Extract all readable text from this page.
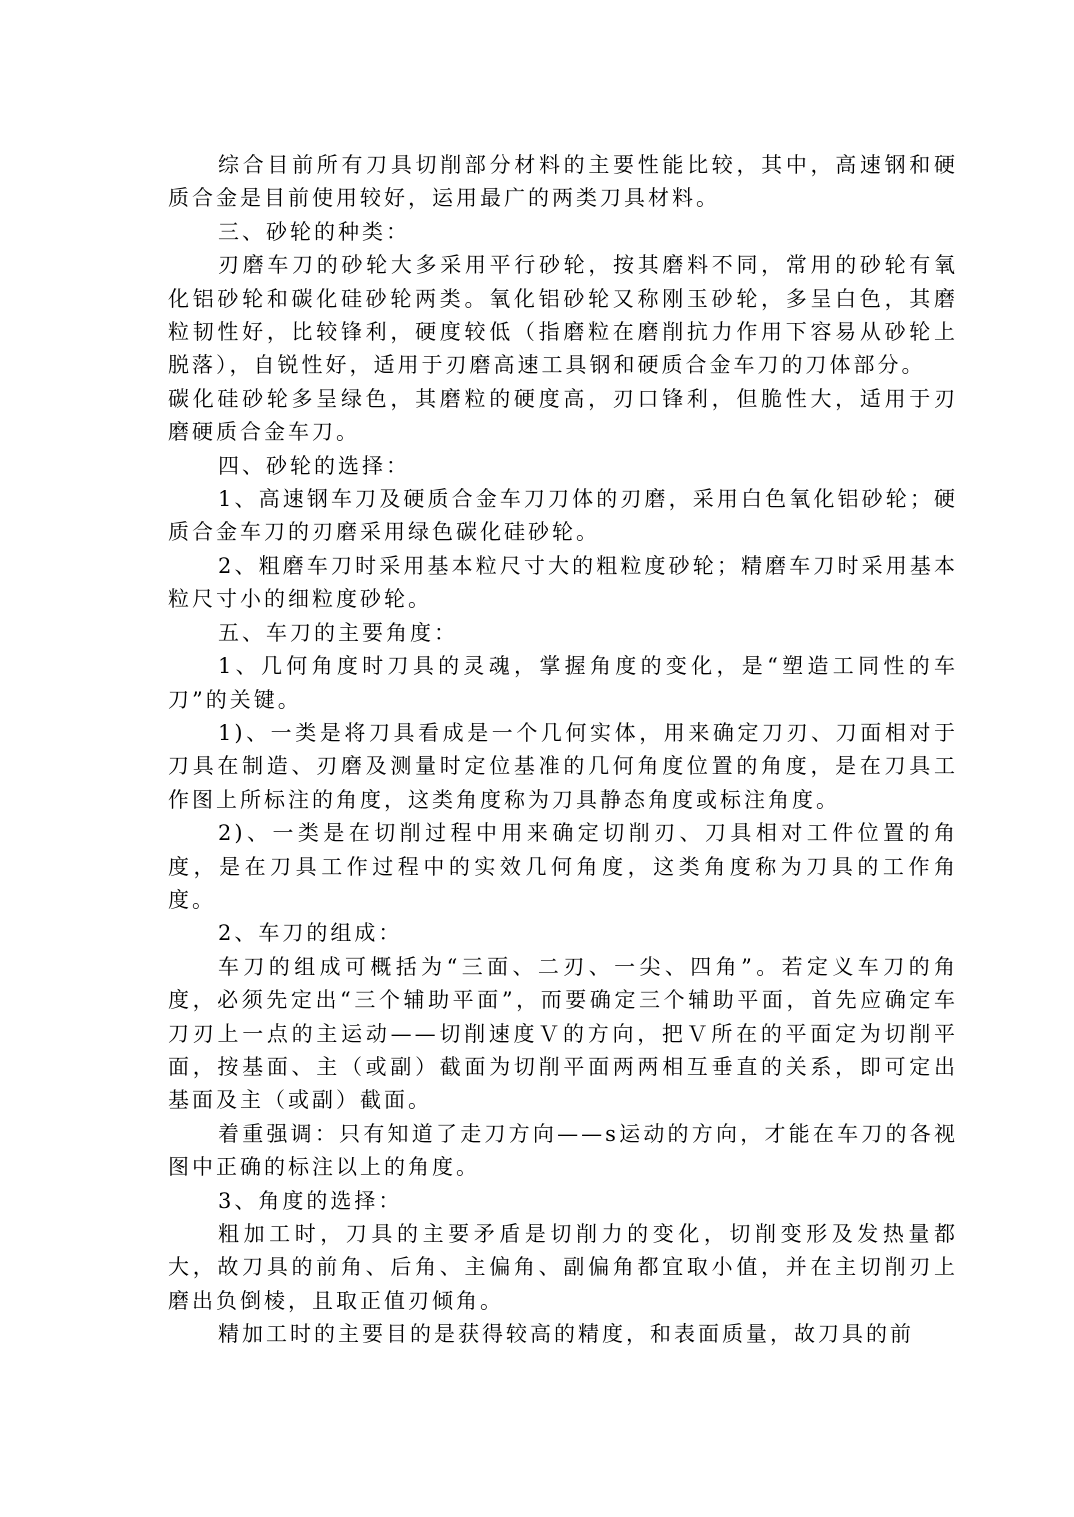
综合目前所有刀具切削部分材料的主要性能比较，其中，高速钢和硬质合金是目前使用较好，运用最广的两类刀具材料。

三、砂轮的种类：

刃磨车刀的砂轮大多采用平行砂轮，按其磨料不同，常用的砂轮有氧化铝砂轮和碳化硅砂轮两类。氧化铝砂轮又称刚玉砂轮，多呈白色，其磨粒韧性好，比较锋利，硬度较低（指磨粒在磨削抗力作用下容易从砂轮上脱落），自锐性好，适用于刃磨高速工具钢和硬质合金车刀的刀体部分。

碳化硅砂轮多呈绿色，其磨粒的硬度高，刃口锋利，但脆性大，适用于刃磨硬质合金车刀。

四、砂轮的选择：

1、高速钢车刀及硬质合金车刀刀体的刃磨，采用白色氧化铝砂轮；硬质合金车刀的刃磨采用绿色碳化硅砂轮。

2、粗磨车刀时采用基本粒尺寸大的粗粒度砂轮；精磨车刀时采用基本粒尺寸小的细粒度砂轮。

五、车刀的主要角度：

1、几何角度时刀具的灵魂，掌握角度的变化，是“塑造工同性的车刀”的关键。

1)、一类是将刀具看成是一个几何实体，用来确定刀刃、刀面相对于刀具在制造、刃磨及测量时定位基准的几何角度位置的角度，是在刀具工作图上所标注的角度，这类角度称为刀具静态角度或标注角度。

2)、一类是在切削过程中用来确定切削刃、刀具相对工件位置的角度，是在刀具工作过程中的实效几何角度，这类角度称为刀具的工作角度。

2、车刀的组成：

车刀的组成可概括为“三面、二刃、一尖、四角”。若定义车刀的角度，必须先定出“三个辅助平面”，而要确定三个辅助平面，首先应确定车刀刃上一点的主运动——切削速度Ｖ的方向，把Ｖ所在的平面定为切削平面，按基面、主（或副）截面为切削平面两两相互垂直的关系，即可定出基面及主（或副）截面。

着重强调：只有知道了走刀方向——s运动的方向，才能在车刀的各视图中正确的标注以上的角度。

3、角度的选择：

粗加工时，刀具的主要矛盾是切削力的变化，切削变形及发热量都大，故刀具的前角、后角、主偏角、副偏角都宜取小值，并在主切削刃上磨出负倒棱，且取正值刃倾角。

精加工时的主要目的是获得较高的精度，和表面质量，故刀具的前
